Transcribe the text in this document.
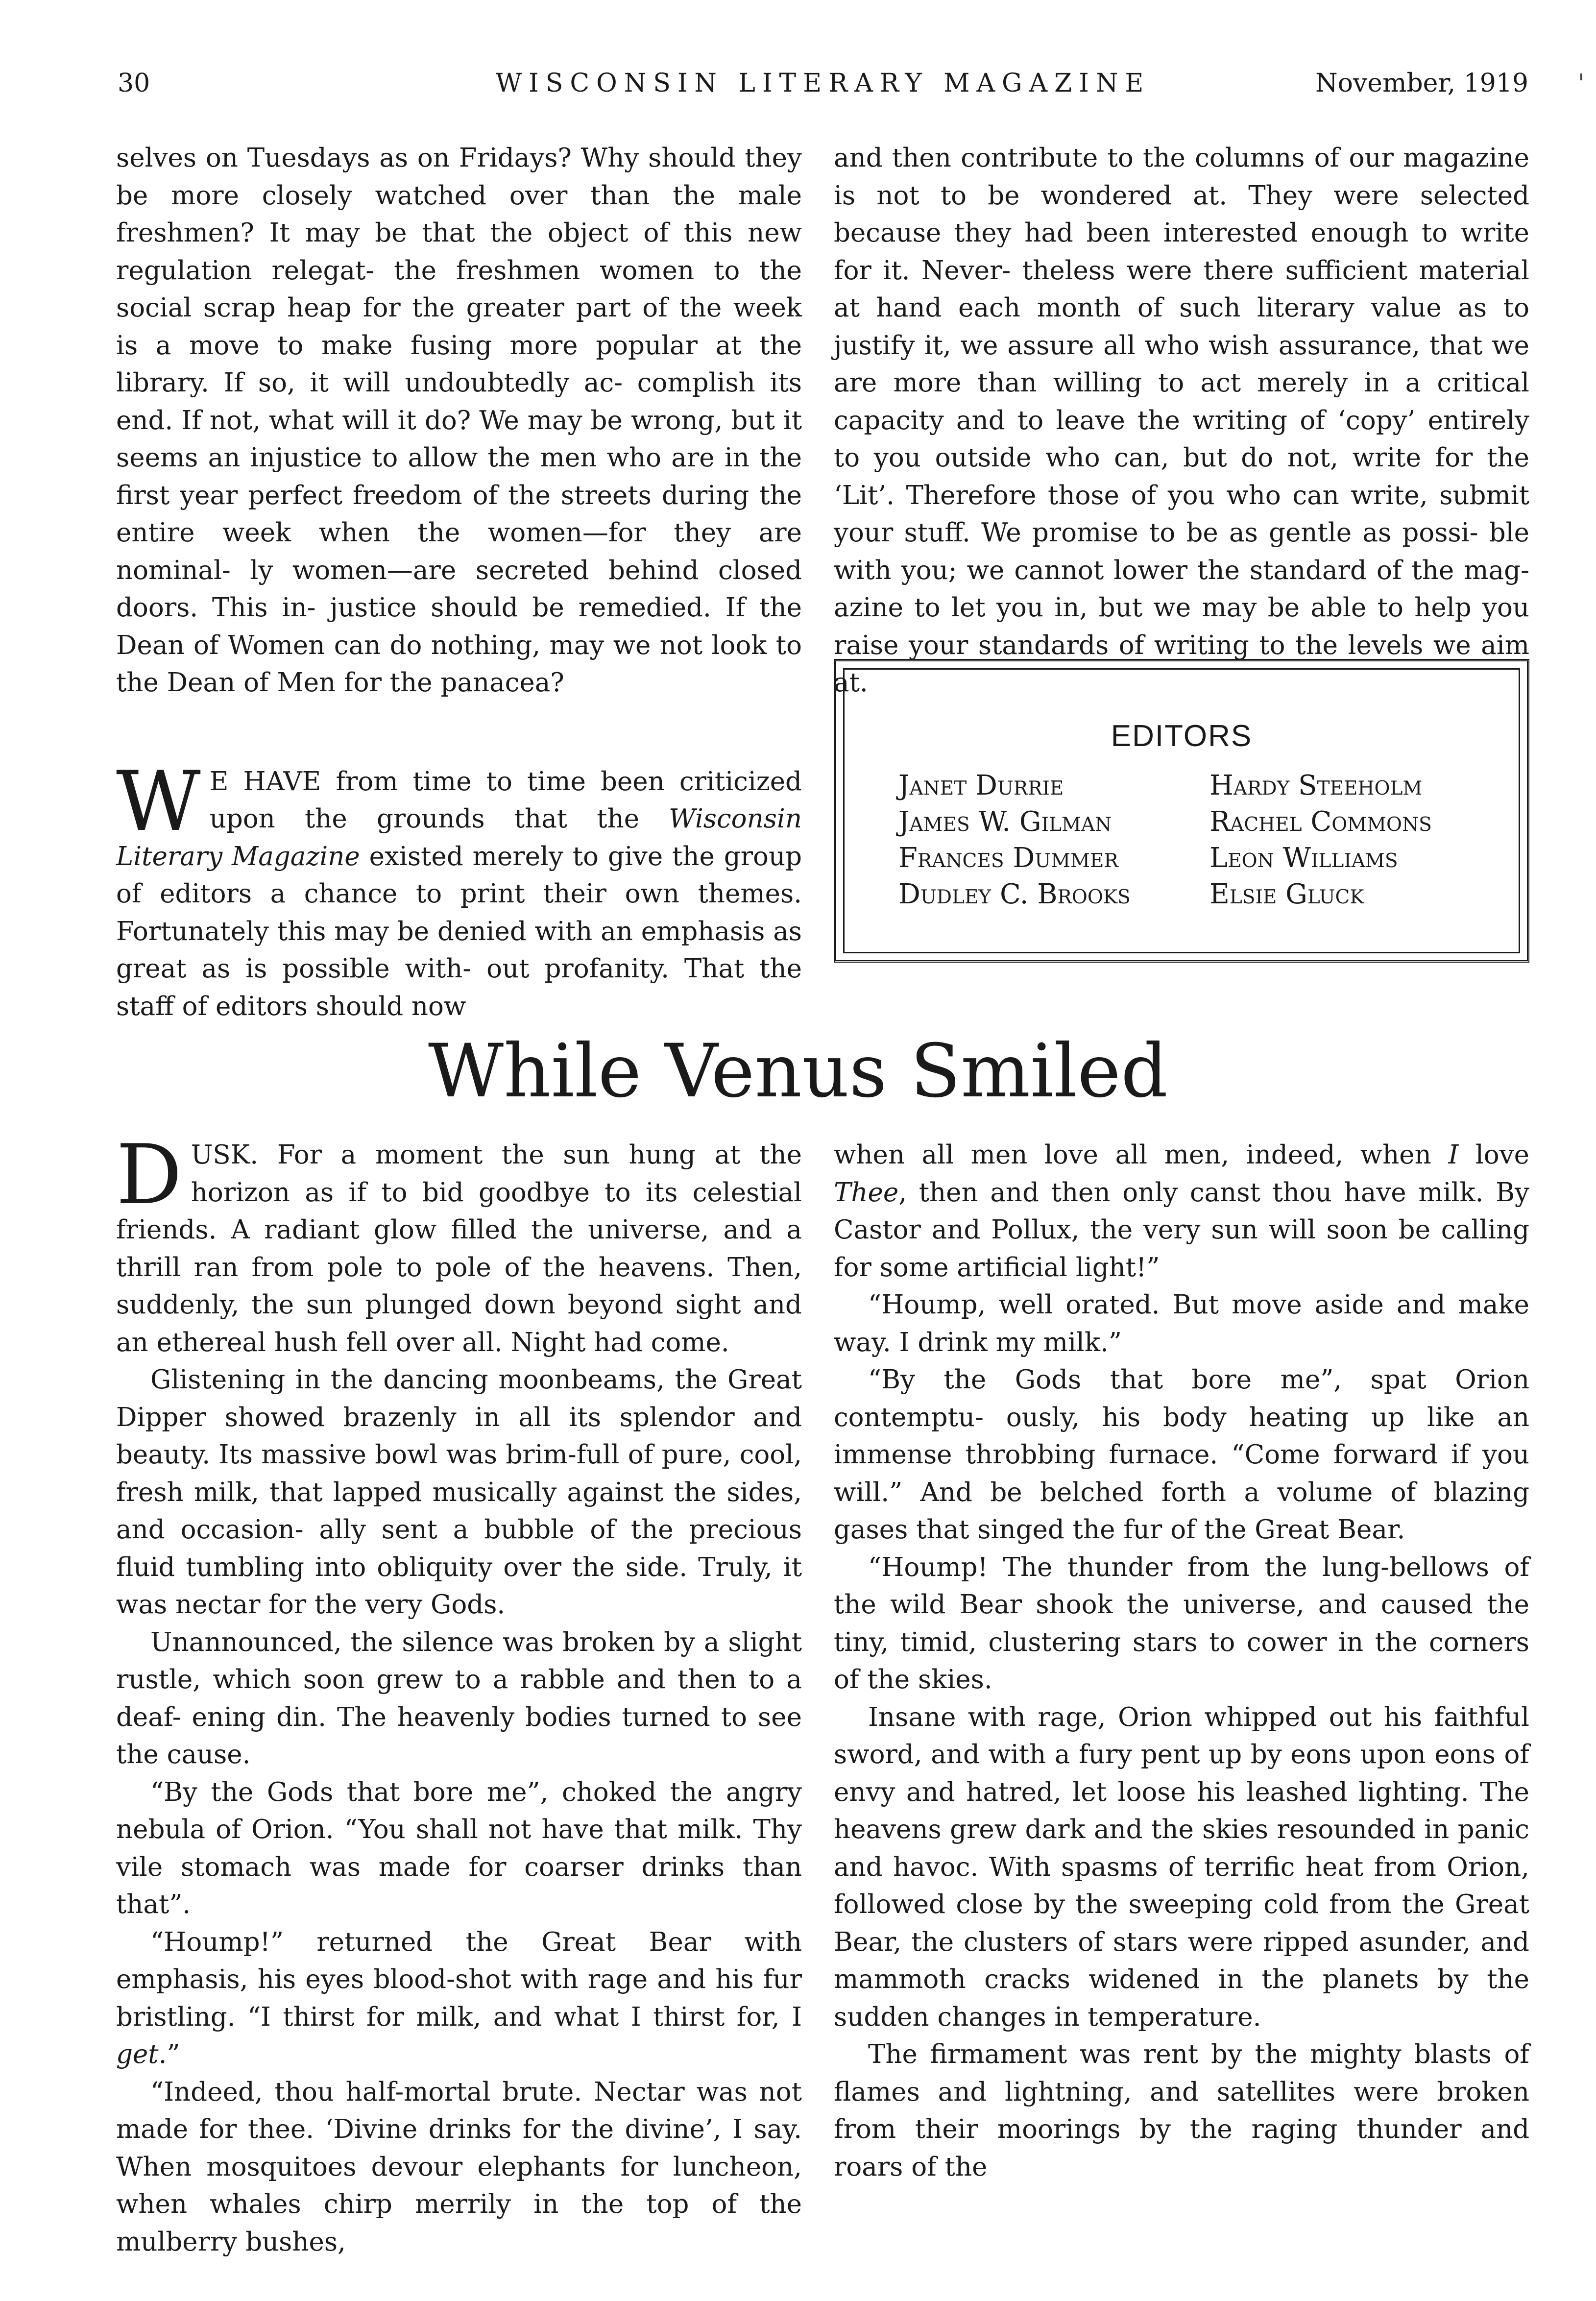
30	WISCONSIN LITERARY MAGAZINE	November, 1919

selves on Tuesdays as on Fridays? Why should they be more closely watched over than the male freshmen? It may be that the object of this new regulation relegat- the freshmen women to the social scrap heap for the greater part of the week is a move to make fusing more popular at the library. If so, it will undoubtedly ac- complish its end. If not, what will it do? We may be wrong, but it seems an injustice to allow the men who are in the first year perfect freedom of the streets during the entire week when the women—for they are nominal- ly women—are secreted behind closed doors. This in- justice should be remedied. If the Dean of Women can do nothing, may we not look to the Dean of Men for the panacea?

W E HAVE from time to time been criticized upon the grounds that the Wisconsin Literary Magazine existed merely to give the group of editors a chance to print their own themes. Fortunately this may be denied with an emphasis as great as is possible with- out profanity. That the staff of editors should now

and then contribute to the columns of our magazine is not to be wondered at. They were selected because they had been interested enough to write for it. Never- theless were there sufficient material at hand each month of such literary value as to justify it, we assure all who wish assurance, that we are more than willing to act merely in a critical capacity and to leave the writing of ‘copy’ entirely to you outside who can, but do not, write for the ‘Lit’. Therefore those of you who can write, submit your stuff. We promise to be as gentle as possi- ble with you; we cannot lower the standard of the mag- azine to let you in, but we may be able to help you raise your standards of writing to the levels we aim at.

EDITORS
Janet Durrie
James W. Gilman
Frances Dummer
Dudley C. Brooks
Hardy Steeholm
Rachel Commons
Leon Williams
Elsie Gluck
While Venus Smiled

DUSK. For a moment the sun hung at the horizon as if to bid goodbye to its celestial friends. A radiant glow filled the universe, and a thrill ran from pole to pole of the heavens. Then, suddenly, the sun plunged down beyond sight and an ethereal hush fell over all. Night had come.

Glistening in the dancing moonbeams, the Great Dipper showed brazenly in all its splendor and beauty. Its massive bowl was brim-full of pure, cool, fresh milk, that lapped musically against the sides, and occasion- ally sent a bubble of the precious fluid tumbling into obliquity over the side. Truly, it was nectar for the very Gods.

Unannounced, the silence was broken by a slight rustle, which soon grew to a rabble and then to a deaf- ening din. The heavenly bodies turned to see the cause.

“By the Gods that bore me”, choked the angry nebula of Orion. “You shall not have that milk. Thy vile stomach was made for coarser drinks than that”.

“Hoump!” returned the Great Bear with emphasis, his eyes blood-shot with rage and his fur bristling. “I thirst for milk, and what I thirst for, I get.”

“Indeed, thou half-mortal brute. Nectar was not made for thee. ‘Divine drinks for the divine’, I say. When mosquitoes devour elephants for luncheon, when whales chirp merrily in the top of the mulberry bushes,

when all men love all men, indeed, when I love Thee, then and then only canst thou have milk. By Castor and Pollux, the very sun will soon be calling for some artificial light!”

“Hoump, well orated. But move aside and make way. I drink my milk.”

“By the Gods that bore me”, spat Orion contemptu- ously, his body heating up like an immense throbbing furnace. “Come forward if you will.” And be belched forth a volume of blazing gases that singed the fur of the Great Bear.

“Hoump! The thunder from the lung-bellows of the wild Bear shook the universe, and caused the tiny, timid, clustering stars to cower in the corners of the skies.

Insane with rage, Orion whipped out his faithful sword, and with a fury pent up by eons upon eons of envy and hatred, let loose his leashed lighting. The heavens grew dark and the skies resounded in panic and havoc. With spasms of terrific heat from Orion, followed close by the sweeping cold from the Great Bear, the clusters of stars were ripped asunder, and mammoth cracks widened in the planets by the sudden changes in temperature.

The firmament was rent by the mighty blasts of flames and lightning, and satellites were broken from their moorings by the raging thunder and roars of the
